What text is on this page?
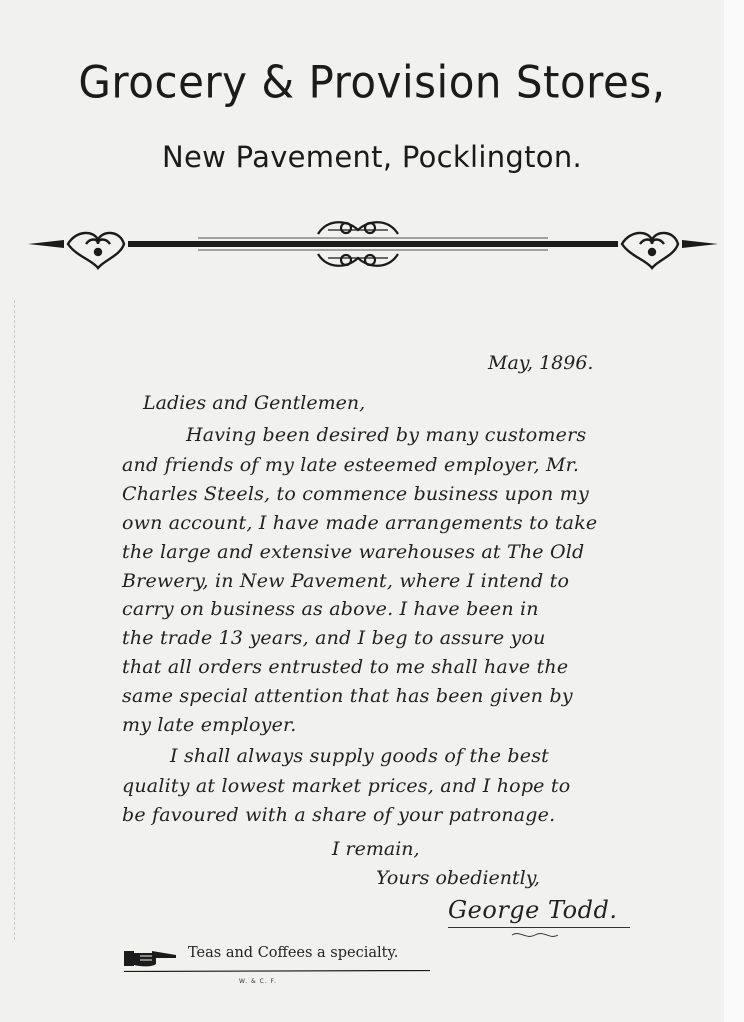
Grocery & Provision Stores,
New Pavement, Pocklington.
May, 1896.
Ladies and Gentlemen,
Having been desired by many customers
and friends of my late esteemed employer, Mr.
Charles Steels, to commence business upon my
own account, I have made arrangements to take
the large and extensive warehouses at The Old
Brewery, in New Pavement, where I intend to
carry on business as above. I have been in
the trade 13 years, and I beg to assure you
that all orders entrusted to me shall have the
same special attention that has been given by
my late employer.
I shall always supply goods of the best
quality at lowest market prices, and I hope to
be favoured with a share of your patronage.
I remain,
Yours obediently,
George Todd.
Teas and Coffees a specialty.
W. & C. F.
